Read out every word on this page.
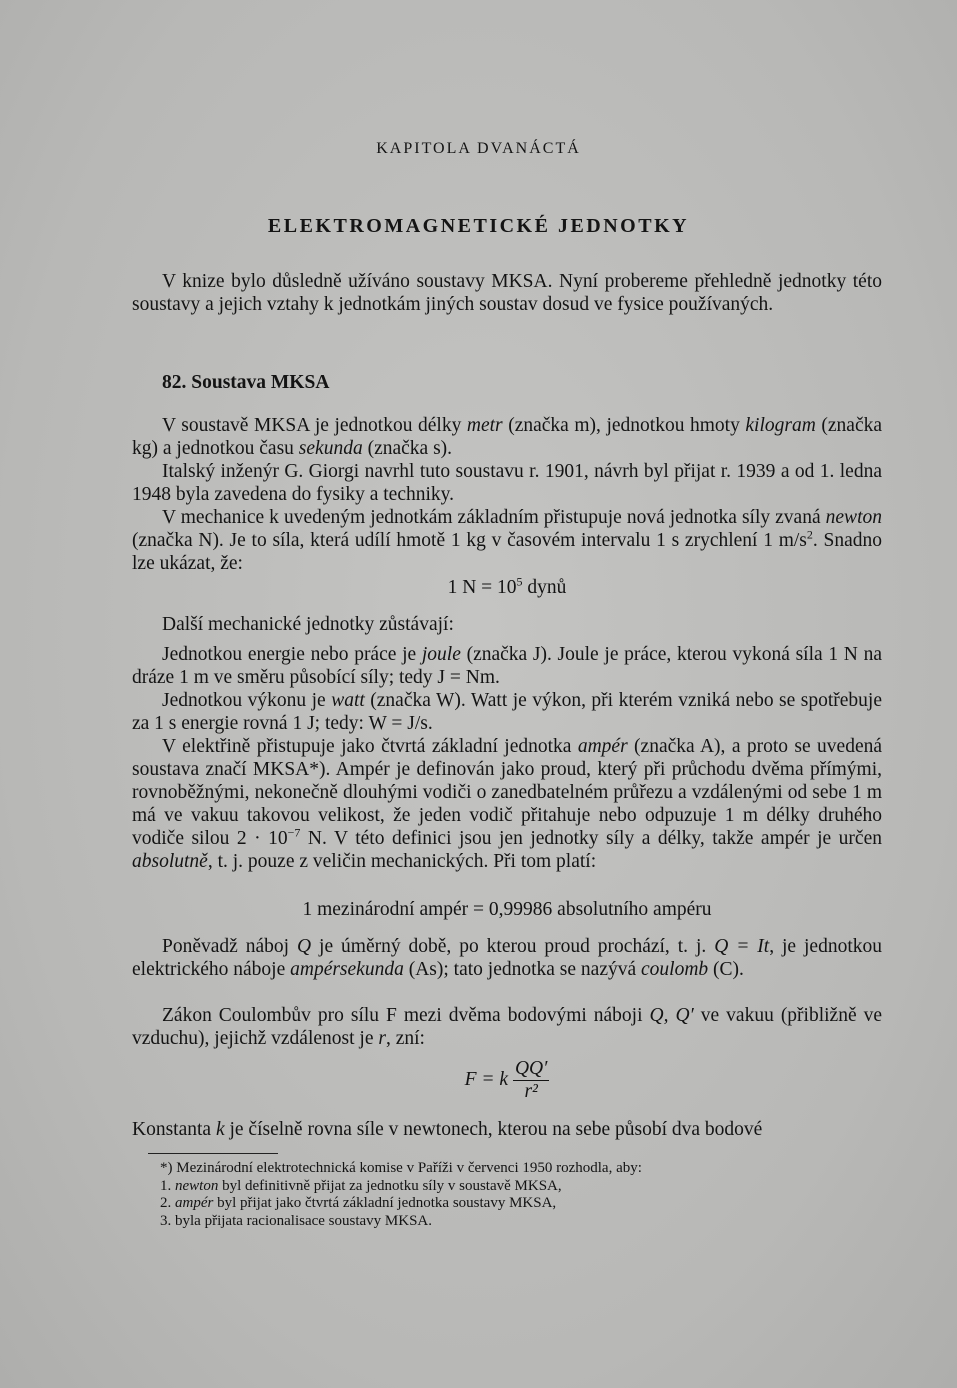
KAPITOLA DVANÁCTÁ
ELEKTROMAGNETICKÉ JEDNOTKY

V knize bylo důsledně užíváno soustavy MKSA. Nyní probereme přehledně jednotky této soustavy a jejich vztahy k jednotkám jiných soustav dosud ve fysice používaných.

82. Soustava MKSA

V soustavě MKSA je jednotkou délky metr (značka m), jednotkou hmoty kilogram (značka kg) a jednotkou času sekunda (značka s).

Italský inženýr G. Giorgi navrhl tuto soustavu r. 1901, návrh byl přijat r. 1939 a od 1. ledna 1948 byla zavedena do fysiky a techniky.

V mechanice k uvedeným jednotkám základním přistupuje nová jednotka síly zvaná newton (značka N). Je to síla, která udílí hmotě 1 kg v časovém intervalu 1 s zrychlení 1 $m/s^2$. Snadno lze ukázat, že:

1 $N = 10^5$ dynů

Další mechanické jednotky zůstávají:

Jednotkou energie nebo práce je joule (značka J). Joule je práce, kterou vykoná síla 1 N na dráze 1 m ve směru působící síly; tedy J = Nm.

Jednotkou výkonu je watt (značka W). Watt je výkon, při kterém vzniká nebo se spotřebuje za 1 s energie rovná 1 J; tedy: W = J/s.

V elektřině přistupuje jako čtvrtá základní jednotka ampér (značka A), a proto se uvedená soustava značí MKSA*). Ampér je definován jako proud, který při průchodu dvěma přímými, rovnoběžnými, nekonečně dlouhými vodiči o zanedbatelném průřezu a vzdálenými od sebe 1 m má ve vakuu takovou velikost, že jeden vodič přitahuje nebo odpuzuje 1 m délky druhého vodiče silou $2 \cdot 10^{-7}$ N. V této definici jsou jen jednotky síly a délky, takže ampér je určen absolutně, t. j. pouze z veličin mechanických. Při tom platí:

1 mezinárodní ampér = 0,99986 absolutního ampéru

Poněvadž náboj Q je úměrný době, po kterou proud prochází, t. j. Q = It, je jednotkou elektrického náboje ampérsekunda (As); tato jednotka se nazývá coulomb (C).

Zákon Coulombův pro sílu F mezi dvěma bodovými náboji Q, Q′ ve vakuu (přibližně ve vzduchu), jejichž vzdálenost je r, zní:

F = k $\frac{QQ'}{\text{r²}}$

Konstanta k je číselně rovna síle v newtonech, kterou na sebe působí dva bodové

*) Mezinárodní elektrotechnická komise v Paříži v červenci 1950 rozhodla, aby:
1. newton byl definitivně přijat za jednotku síly v soustavě MKSA,
2. ampér byl přijat jako čtvrtá základní jednotka soustavy MKSA,
3. byla přijata racionalisace soustavy MKSA.
